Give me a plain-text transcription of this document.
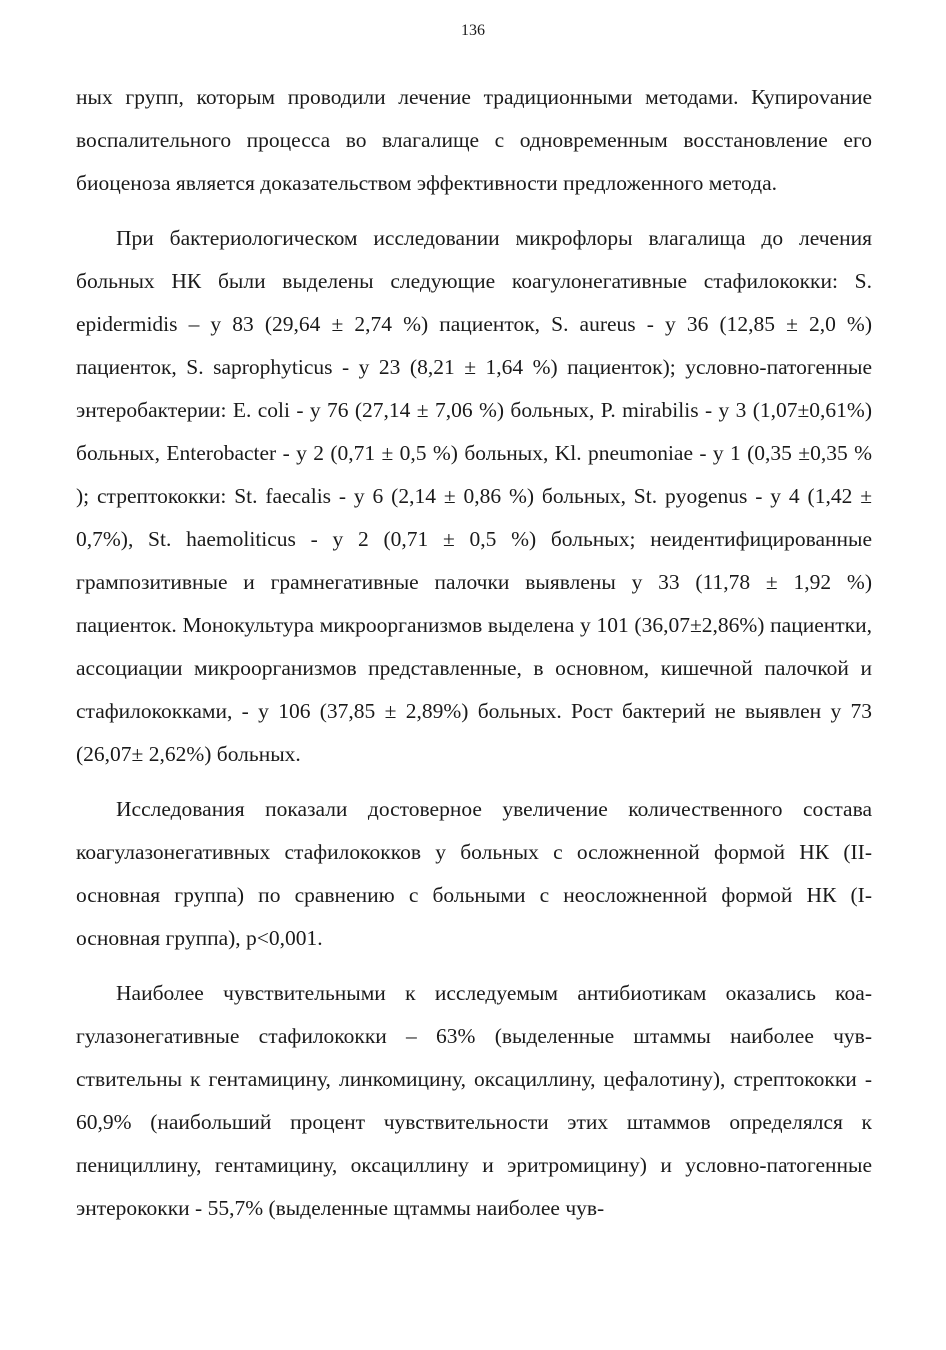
136

ных групп, которым проводили лечение традиционными методами. Купироvание воспалительного процесса во влагалище с одновременным восстановление его биоценоза является доказательством эффективности предложенного метода.

При бактериологическом исследовании микрофлоры влагалища до лечения больных НК были выделены следующие коагулонегативные стафилококки: S. epidermidis – у 83 (29,64 ± 2,74 %) пациенток, S. aureus - у 36 (12,85 ± 2,0 %) пациенток, S. saprophyticus - у 23 (8,21 ± 1,64 %) пациенток); условно-патогенные энтеробактерии: E. coli - у 76 (27,14 ± 7,06 %) больных, P. mirabilis - у 3 (1,07±0,61%) больных, Enterobacter - у 2 (0,71 ± 0,5 %) больных, Kl. pneumoniae - у 1 (0,35 ±0,35 % ); стрептококки: St. faecalis - у 6 (2,14 ± 0,86 %) больных, St. pyogenus - у 4 (1,42 ± 0,7%), St. haemoliticus - у 2 (0,71 ± 0,5 %) больных; неидентифицированные грампозитивные и грамнегативные палочки выявлены у 33 (11,78 ± 1,92 %) пациенток. Монокультура микроорганизмов выделена у 101 (36,07±2,86%) пациентки, ассоциации микроорганизмов представленные, в основном, кишечной палочкой и стафилококками, - у 106 (37,85 ± 2,89%) больных. Рост бактерий не выявлен у 73 (26,07± 2,62%) больных.

Исследования показали достоверное увеличение количественного состава коагулазонегативных стафилококков у больных с осложненной формой НК (II- основная группа) по сравнению с больными с неосложненной формой НК (I- основная группа), p<0,001.

Наиболее чувствительными к исследуемым антибиотикам оказались коагулазонегативные стафилококки – 63% (выделенные штаммы наиболее чувствительны к гентамицину, линкомицину, оксациллину, цефалотину), стрептококки - 60,9% (наибольший процент чувствительности этих штаммов определялся к пенициллину, гентамицину, оксациллину и эритромицину) и условно-патогенные энтерококки - 55,7% (выделенные щтаммы наиболее чув-
